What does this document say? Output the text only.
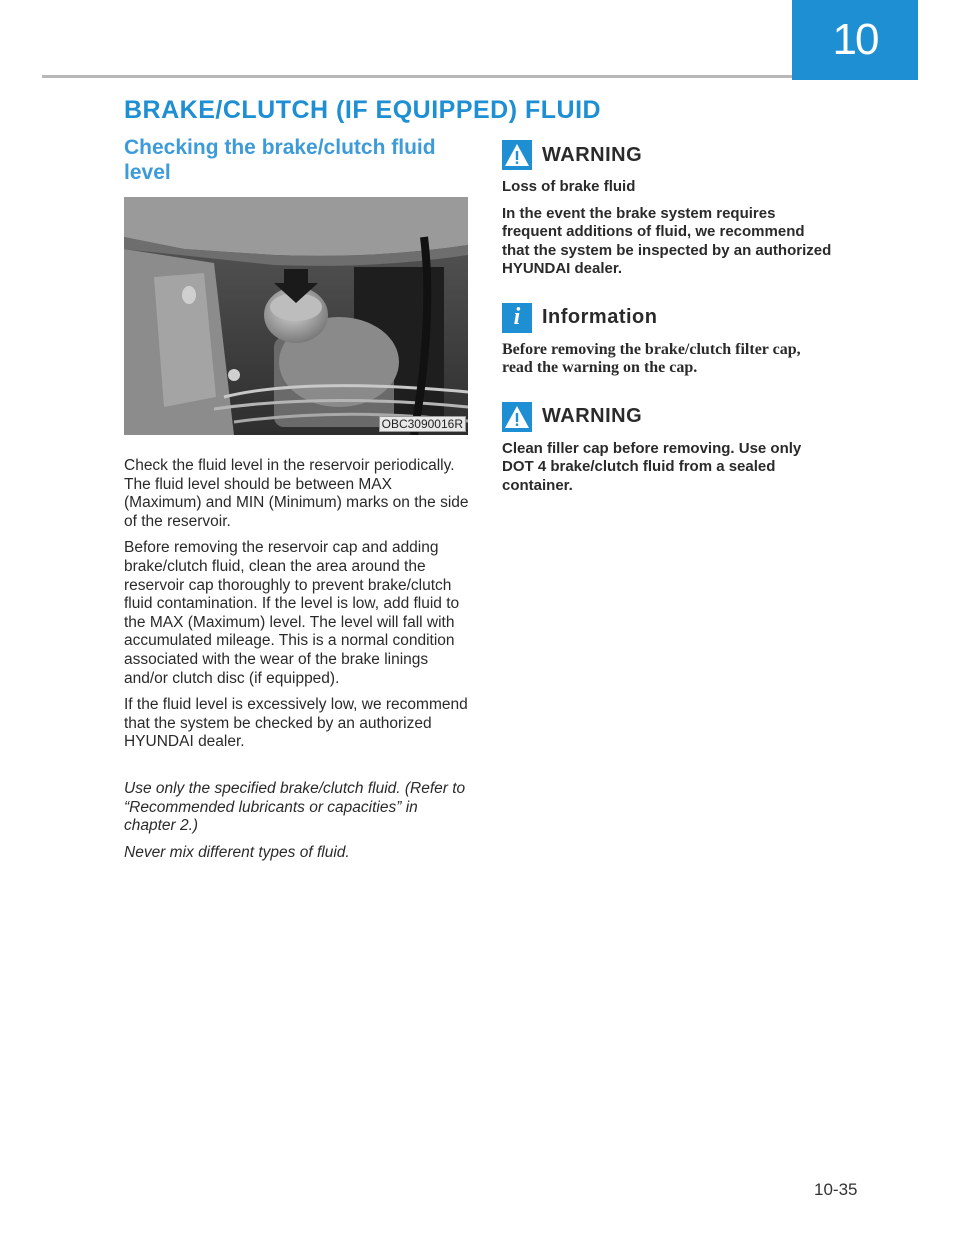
10
BRAKE/CLUTCH (IF EQUIPPED) FLUID
Checking the brake/clutch fluid level
OBC3090016R

Check the fluid level in the reservoir periodically. The fluid level should be between MAX (Maximum) and MIN (Minimum) marks on the side of the reservoir.

Before removing the reservoir cap and adding brake/clutch fluid, clean the area around the reservoir cap thoroughly to prevent brake/clutch fluid contamination. If the level is low, add fluid to the MAX (Maximum) level. The level will fall with accumulated mileage. This is a normal condition associated with the wear of the brake linings and/or clutch disc (if equipped).

If the fluid level is excessively low, we recommend that the system be checked by an authorized HYUNDAI dealer.

Use only the specified brake/clutch fluid. (Refer to “Recommended lubricants or capacities” in chapter 2.)

Never mix different types of fluid.

WARNING

Loss of brake fluid

In the event the brake system requires frequent additions of fluid, we recommend that the system be inspected by an authorized HYUNDAI dealer.

i	Information

Before removing the brake/clutch filter cap, read the warning on the cap.

WARNING

Clean filler cap before removing. Use only DOT 4 brake/clutch fluid from a sealed container.

10-35
